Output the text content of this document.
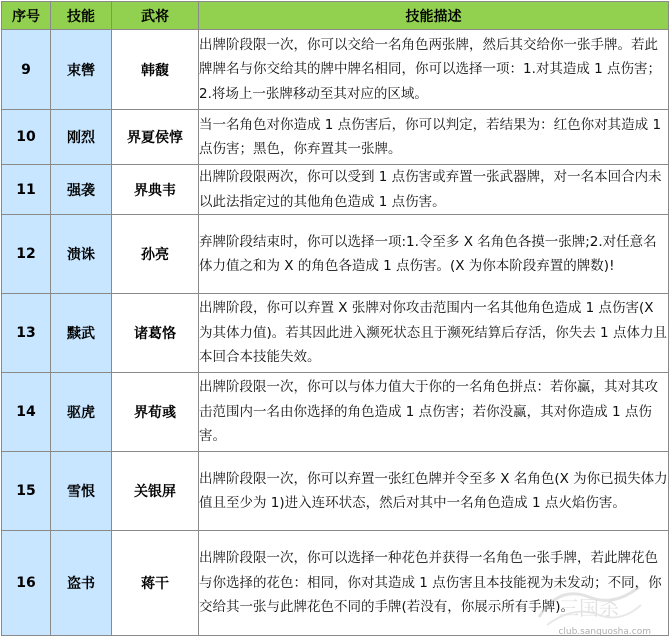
序号	技能	武将	技能描述
9	束辔	韩馥	出牌阶段限一次，你可以交给一名角色两张牌，然后其交给你一张手牌。若此牌牌名与你交给其的牌中牌名相同，你可以选择一项：1.对其造成 1 点伤害；2.将场上一张牌移动至其对应的区域。
10	刚烈	界夏侯惇	当一名角色对你造成 1 点伤害后，你可以判定，若结果为：红色你对其造成 1 点伤害；黑色，你弃置其一张牌。
11	强袭	界典韦	出牌阶段限两次，你可以受到 1 点伤害或弃置一张武器牌，对一名本回合内未以此法指定过的其他角色造成 1 点伤害。
12	溃诛	孙亮	弃牌阶段结束时，你可以选择一项:1.令至多 X 名角色各摸一张牌;2.对任意名体力值之和为 X 的角色各造成 1 点伤害。(X 为你本阶段弃置的牌数)!
13	黩武	诸葛恪	出牌阶段，你可以弃置 X 张牌对你攻击范围内一名其他角色造成 1 点伤害(X 为其体力值)。若其因此进入濒死状态且于濒死结算后存活，你失去 1 点体力且本回合本技能失效。
14	驱虎	界荀彧	出牌阶段限一次，你可以与体力值大于你的一名角色拼点：若你赢，其对其攻击范围内一名由你选择的角色造成 1 点伤害；若你没赢，其对你造成 1 点伤害。
15	雪恨	关银屏	出牌阶段限一次，你可以弃置一张红色牌并令至多 X 名角色(X 为你已损失体力值且至少为 1)进入连环状态，然后对其中一名角色造成 1 点火焰伤害。
16	盗书	蒋干	出牌阶段限一次，你可以选择一种花色并获得一名角色一张手牌，若此牌花色与你选择的花色：相同，你对其造成 1 点伤害且本技能视为未发动；不同，你交给其一张与此牌花色不同的手牌(若没有，你展示所有手牌)。
三国杀
club.sanguosha.com
